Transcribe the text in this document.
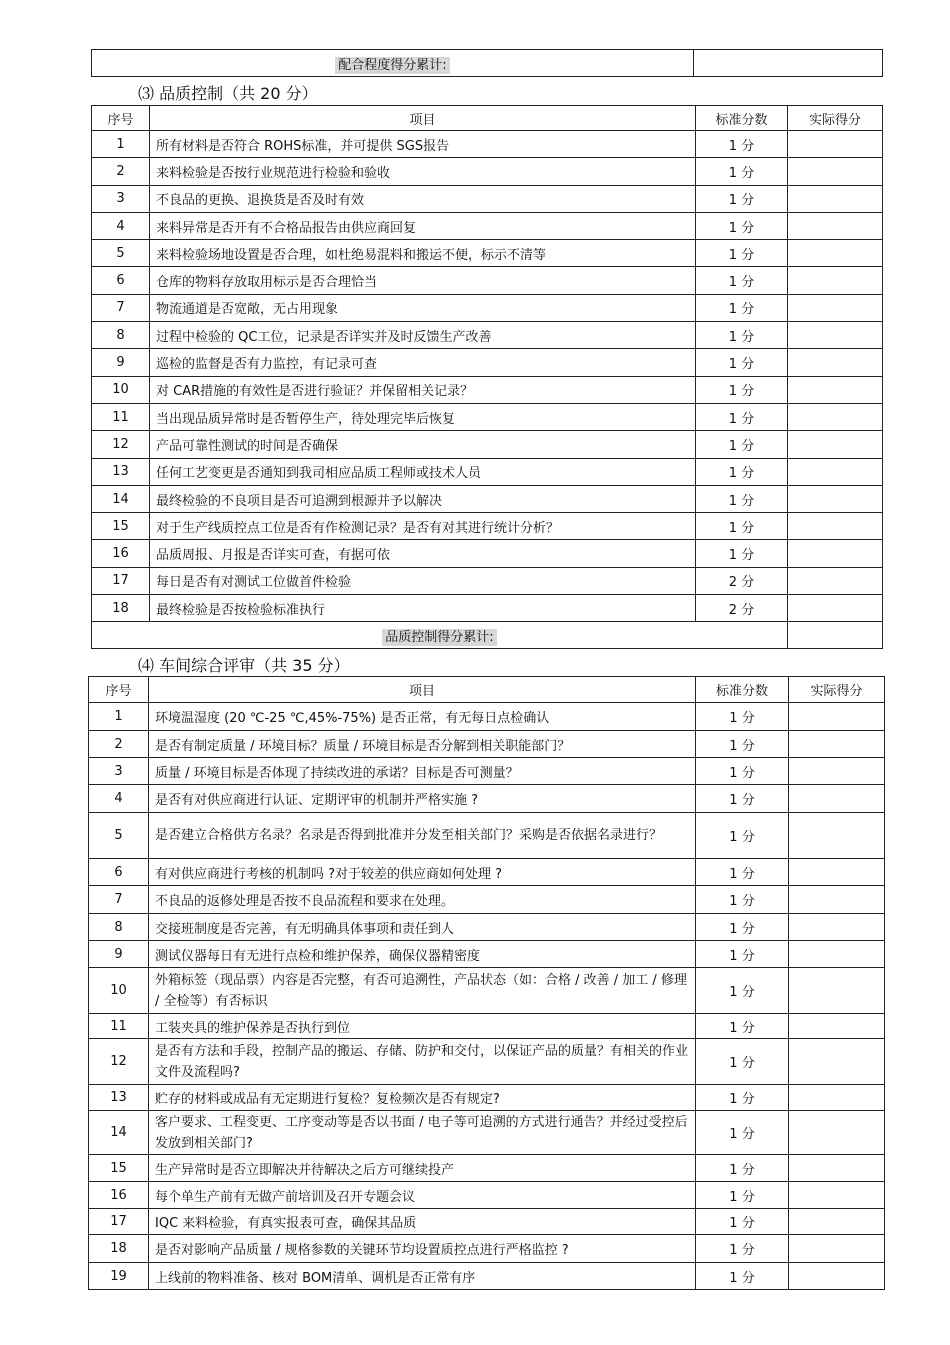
配合程度得分累计:	
⑶ 品质控制（共 20 分）
序号	项目	标准分数	实际得分
1	所有材料是否符合 ROHS标准，并可提供 SGS报告	1 分	
2	来料检验是否按行业规范进行检验和验收	1 分	
3	不良品的更换、退换货是否及时有效	1 分	
4	来料异常是否开有不合格品报告由供应商回复	1 分	
5	来料检验场地设置是否合理，如杜绝易混料和搬运不便，标示不清等	1 分	
6	仓库的物料存放取用标示是否合理恰当	1 分	
7	物流通道是否宽敞，无占用现象	1 分	
8	过程中检验的 QC工位，记录是否详实并及时反馈生产改善	1 分	
9	巡检的监督是否有力监控，有记录可查	1 分	
10	对 CAR措施的有效性是否进行验证？并保留相关记录？	1 分	
11	当出现品质异常时是否暂停生产，待处理完毕后恢复	1 分	
12	产品可靠性测试的时间是否确保	1 分	
13	任何工艺变更是否通知到我司相应品质工程师或技术人员	1 分	
14	最终检验的不良项目是否可追溯到根源并予以解决	1 分	
15	对于生产线质控点工位是否有作检测记录？是否有对其进行统计分析？	1 分	
16	品质周报、月报是否详实可查，有据可依	1 分	
17	每日是否有对测试工位做首件检验	2 分	
18	最终检验是否按检验标准执行	2 分	
品质控制得分累计:			
⑷ 车间综合评审（共 35 分）
序号	项目	标准分数	实际得分
1	环境温湿度 (20 ℃-25 ℃,45%-75%) 是否正常，有无每日点检确认	1 分	
2	是否有制定质量 / 环境目标？质量 / 环境目标是否分解到相关职能部门？	1 分	
3	质量 / 环境目标是否体现了持续改进的承诺？目标是否可测量？	1 分	
4	是否有对供应商进行认证、定期评审的机制并严格实施 ?	1 分	
5	是否建立合格供方名录？名录是否得到批准并分发至相关部门？采购是否依据名录进行？	1 分	
6	有对供应商进行考核的机制吗 ?对于较差的供应商如何处理 ?	1 分	
7	不良品的返修处理是否按不良品流程和要求在处理。	1 分	
8	交接班制度是否完善，有无明确具体事项和责任到人	1 分	
9	测试仪器每日有无进行点检和维护保养，确保仪器精密度	1 分	
10	外箱标签（现品票）内容是否完整，有否可追溯性，产品状态（如：合格 / 改善 / 加工 / 修理 / 全检等）有否标识	1 分	
11	工装夹具的维护保养是否执行到位	1 分	
12	是否有方法和手段，控制产品的搬运、存储、防护和交付，以保证产品的质量？有相关的作业文件及流程吗?	1 分	
13	贮存的材料或成品有无定期进行复检？复检频次是否有规定?	1 分	
14	客户要求、工程变更、工序变动等是否以书面 / 电子等可追溯的方式进行通告？并经过受控后发放到相关部门?	1 分	
15	生产异常时是否立即解决并待解决之后方可继续投产	1 分	
16	每个单生产前有无做产前培训及召开专题会议	1 分	
17	IQC 来料检验，有真实报表可查，确保其品质	1 分	
18	是否对影响产品质量 / 规格参数的关键环节均设置质控点进行严格监控 ?	1 分	
19	上线前的物料准备、核对 BOM清单、调机是否正常有序	1 分	
